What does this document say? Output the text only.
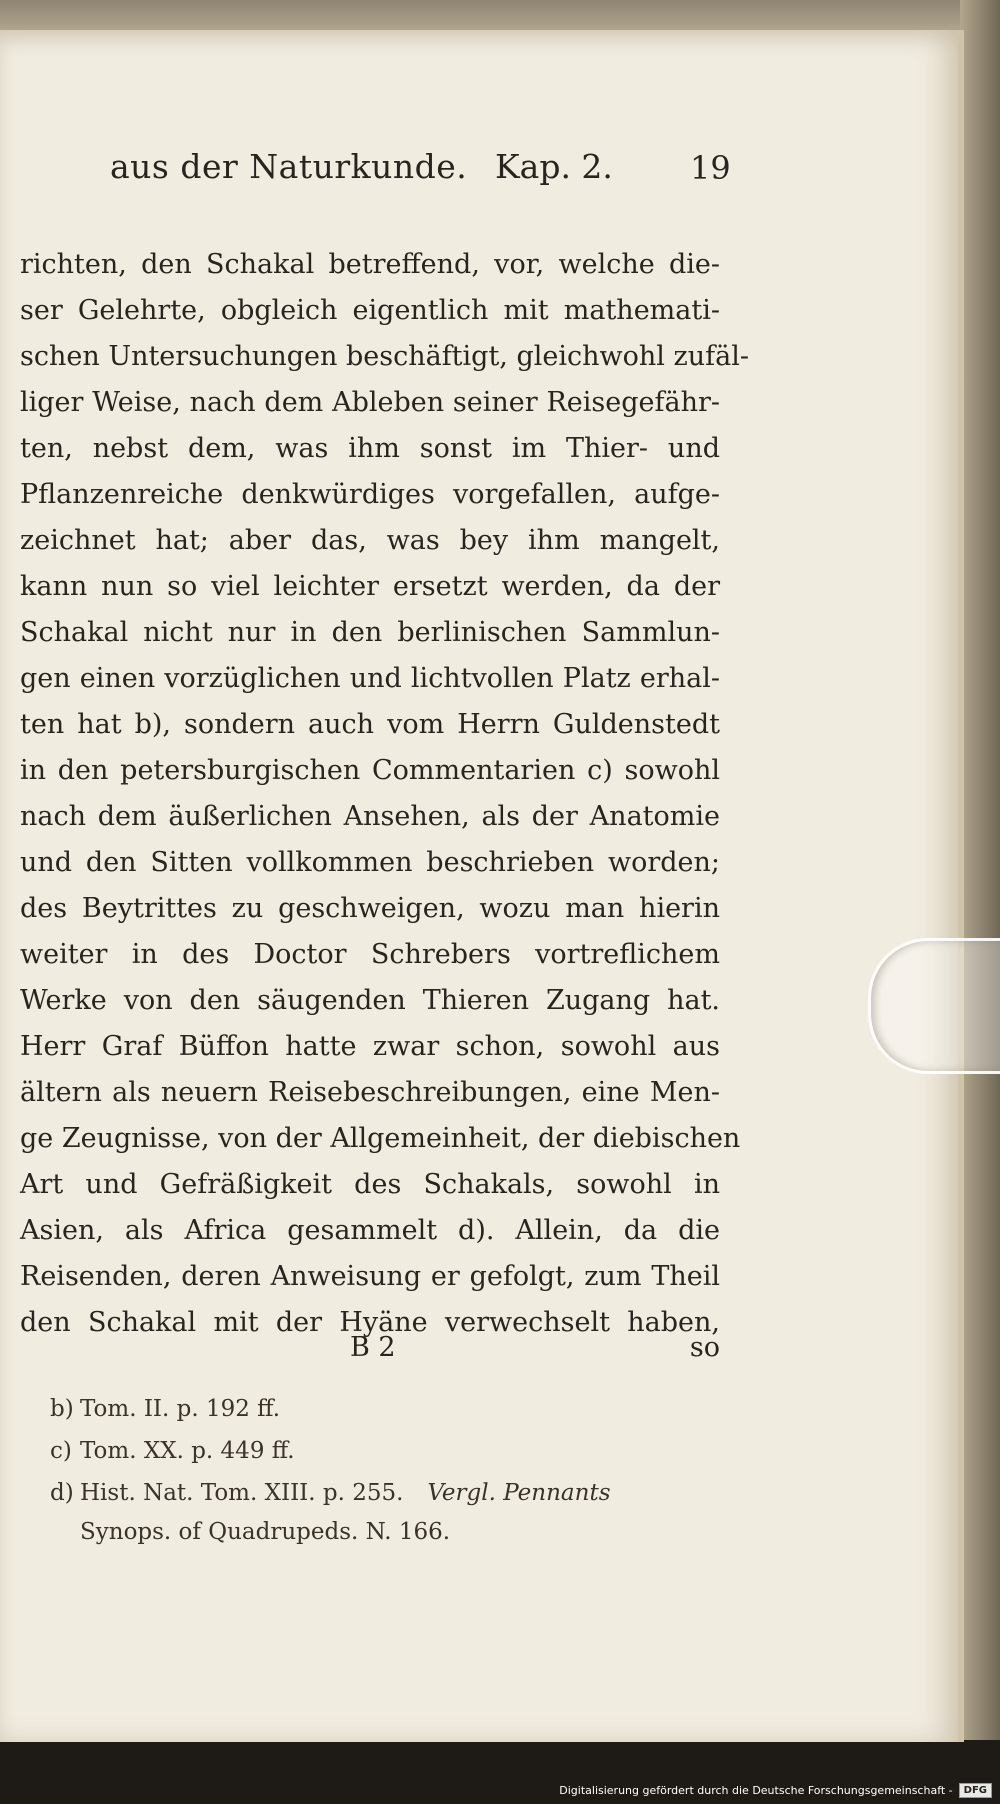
aus der Naturkunde. Kap. 2. 19
richten, den Schakal betreffend, vor, welche die-
ser Gelehrte, obgleich eigentlich mit mathemati-
schen Untersuchungen beschäftigt, gleichwohl zufäl-
liger Weise, nach dem Ableben seiner Reisegefähr-
ten, nebst dem, was ihm sonst im Thier- und
Pflanzenreiche denkwürdiges vorgefallen, aufge-
zeichnet hat; aber das, was bey ihm mangelt,
kann nun so viel leichter ersetzt werden, da der
Schakal nicht nur in den berlinischen Sammlun-
gen einen vorzüglichen und lichtvollen Platz erhal-
ten hat b), sondern auch vom Herrn Guldenstedt
in den petersburgischen Commentarien c) sowohl
nach dem äußerlichen Ansehen, als der Anatomie
und den Sitten vollkommen beschrieben worden;
des Beytrittes zu geschweigen, wozu man hierin
weiter in des Doctor Schrebers vortreflichem
Werke von den säugenden Thieren Zugang hat.
Herr Graf Büffon hatte zwar schon, sowohl aus
ältern als neuern Reisebeschreibungen, eine Men-
ge Zeugnisse, von der Allgemeinheit, der diebischen
Art und Gefräßigkeit des Schakals, sowohl in
Asien, als Africa gesammelt d). Allein, da die
Reisenden, deren Anweisung er gefolgt, zum Theil
den Schakal mit der Hyäne verwechselt haben,
B 2	so
b) Tom. II. p. 192 ff.
c) Tom. XX. p. 449 ff.
d) Hist. Nat. Tom. XIII. p. 255. Vergl. Pennants
Synops. of Quadrupeds. N. 166.
Digitalisierung gefördert durch die Deutsche Forschungsgemeinschaft -	DFG
